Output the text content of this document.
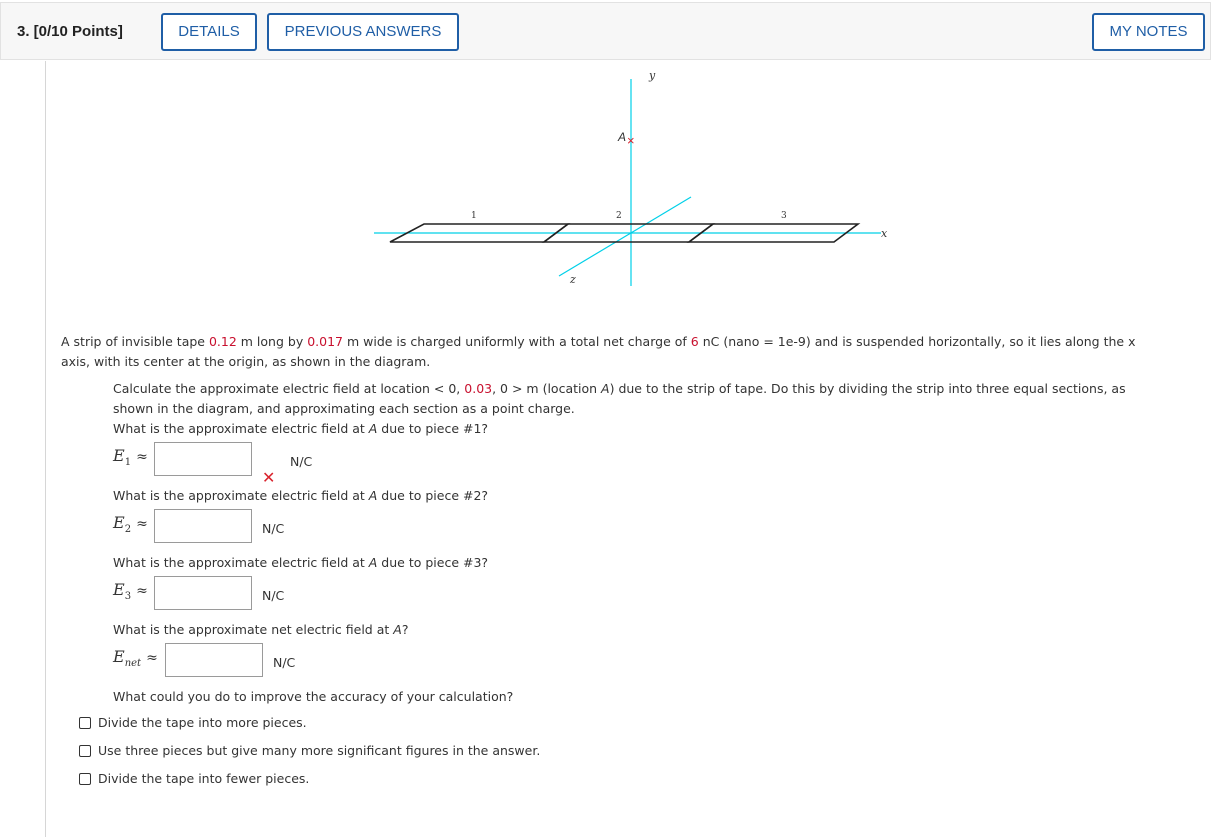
3. [0/10 Points]	DETAILS	PREVIOUS ANSWERS	MY NOTES
y
x
z
A ×
1	2	3
A strip of invisible tape 0.12 m long by 0.017 m wide is charged uniformly with a total net charge of 6 nC (nano = 1e-9) and is suspended horizontally, so it lies along the x
axis, with its center at the origin, as shown in the diagram.
Calculate the approximate electric field at location < 0, 0.03, 0 > m (location A) due to the strip of tape. Do this by dividing the strip into three equal sections, as
shown in the diagram, and approximating each section as a point charge.
What is the approximate electric field at A due to piece #1?
$E_1$ ≈	N/C
✕
What is the approximate electric field at A due to piece #2?
$E_2$ ≈	N/C
What is the approximate electric field at A due to piece #3?
$E_3$ ≈	N/C
What is the approximate net electric field at A?
$E_{net}$ ≈	N/C
What could you do to improve the accuracy of your calculation?
Divide the tape into more pieces.
Use three pieces but give many more significant figures in the answer.
Divide the tape into fewer pieces.
